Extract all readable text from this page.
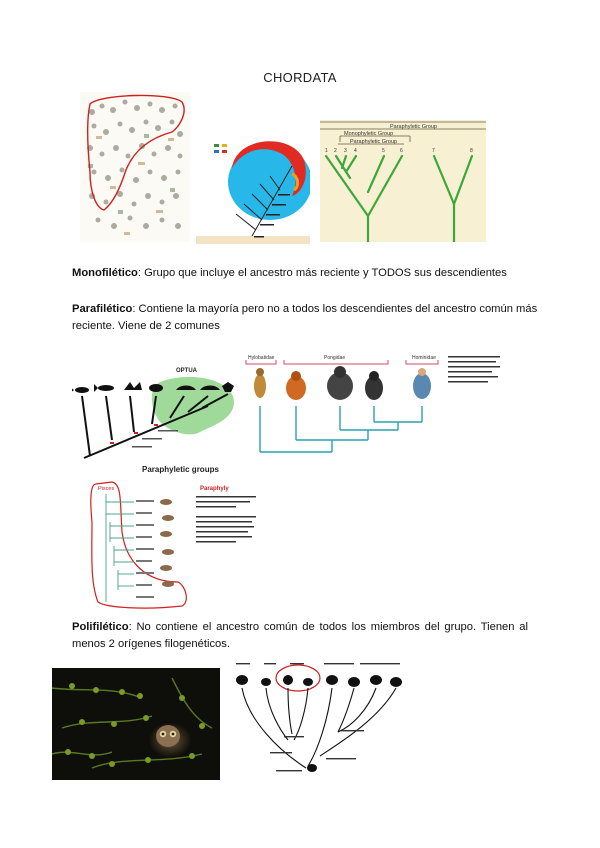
CHORDATA
Paraphyletic Group
Monophyletic Group
Paraphyletic Group
1 2 3 4	5	6	7	8
Monofilético: Grupo que incluye el ancestro más reciente y TODOS sus descendientes
Parafilético: Contiene la mayoría pero no a todos los descendientes del ancestro común más reciente. Viene de 2 comunes
OPTUA
Hylobatidae	Pongidae	Hominidae
Paraphyletic groups
Paraphyly
Pisces
Polifilético: No contiene el ancestro común de todos los miembros del grupo. Tienen al menos 2 orígenes filogenéticos.
